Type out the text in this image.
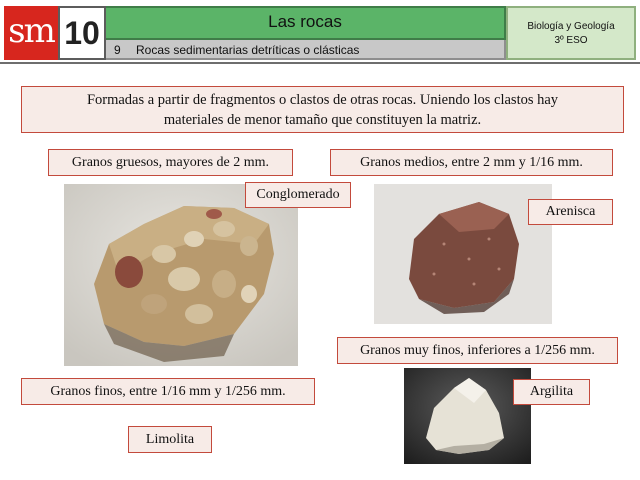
sm 10	Las rocas
9 Rocas sedimentarias detríticas o clásticas
Biología y Geología
3º ESO
Formadas a partir de fragmentos o clastos de otras rocas. Uniendo los clastos hay
materiales de menor tamaño que constituyen la matriz.
Granos gruesos, mayores de 2 mm.	Granos medios, entre 2 mm y 1/16 mm.
Conglomerado
Arenisca
Granos muy finos, inferiores a 1/256 mm.
Granos finos, entre 1/16 mm y 1/256 mm.	Argilita
Limolita
